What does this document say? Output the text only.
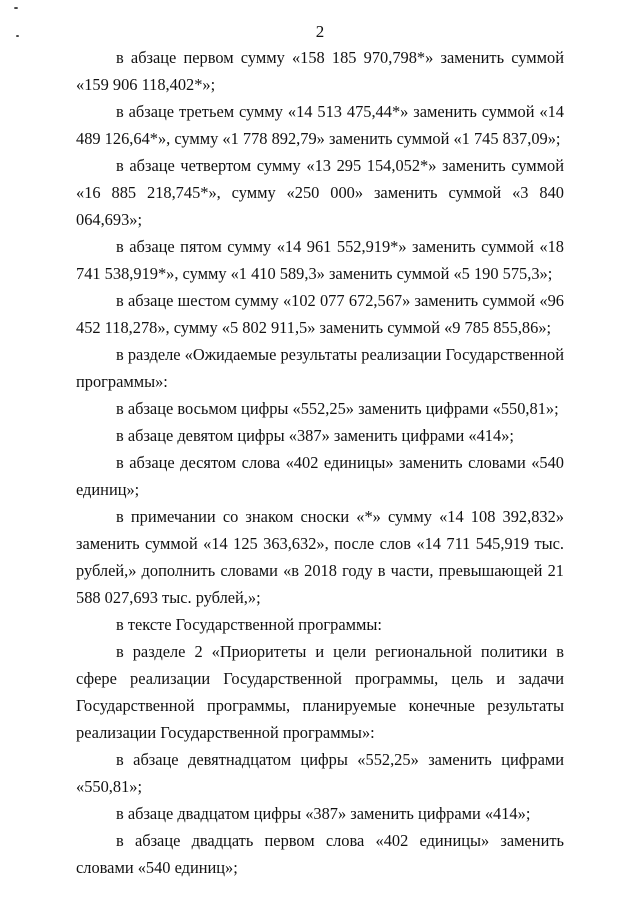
2

в абзаце первом сумму «158 185 970,798*» заменить суммой «159 906 118,402*»;

в абзаце третьем сумму «14 513 475,44*» заменить суммой «14 489 126,64*», сумму «1 778 892,79» заменить суммой «1 745 837,09»;

в абзаце четвертом сумму «13 295 154,052*» заменить суммой «16 885 218,745*», сумму «250 000» заменить суммой «3 840 064,693»;

в абзаце пятом сумму «14 961 552,919*» заменить суммой «18 741 538,919*», сумму «1 410 589,3» заменить суммой «5 190 575,3»;

в абзаце шестом сумму «102 077 672,567» заменить суммой «96 452 118,278», сумму «5 802 911,5» заменить суммой «9 785 855,86»;

в разделе «Ожидаемые результаты реализации Государственной программы»:

в абзаце восьмом цифры «552,25» заменить цифрами «550,81»;

в абзаце девятом цифры «387» заменить цифрами «414»;

в абзаце десятом слова «402 единицы» заменить словами «540 единиц»;

в примечании со знаком сноски «*» сумму «14 108 392,832» заменить суммой «14 125 363,632», после слов «14 711 545,919 тыс. рублей,» дополнить словами «в 2018 году в части, превышающей 21 588 027,693 тыс. рублей,»;

в тексте Государственной программы:

в разделе 2 «Приоритеты и цели региональной политики в сфере реализации Государственной программы, цель и задачи Государственной программы, планируемые конечные результаты реализации Государственной программы»:

в абзаце девятнадцатом цифры «552,25» заменить цифрами «550,81»;

в абзаце двадцатом цифры «387» заменить цифрами «414»;

в абзаце двадцать первом слова «402 единицы» заменить словами «540 единиц»;
